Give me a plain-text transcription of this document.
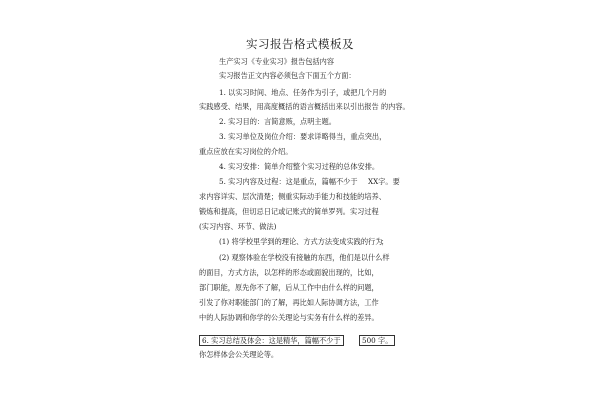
实习报告格式模板及
生产实习《专业实习》报告包括内容
实习报告正文内容必须包含下面五个方面：
1. 以实习时间、地点、任务作为引子，或把几个月的
实践感受、结果，用高度概括的语言概括出来以引出报告 的内容。
2. 实习目的：言简意赅，点明主题。
3. 实习单位及岗位介绍：要求详略得当，重点突出，
重点应放在实习岗位的介绍。
4. 实习安排：简单介绍整个实习过程的总体安排。
5. 实习内容及过程：这是重点，篇幅不少于 XX字。要
求内容详实、层次清楚；侧重实际动手能力和技能的培养、
锻炼和提高，但切忌日记或记账式的简单罗列。实习过程
(实习内容、环节、做法)
(1) 将学校里学到的理论、方式方法变成实践的行为
；
(2) 观察体验在学校没有接触的东西，他们是以什么样
的面目，方式方法，以怎样的形态或面貌出现的，比如，
部门职能，原先你不了解，后从工作中由什么样的问题，
引发了你对职能部门的了解，再比如人际协调方法，工作
中的人际协调和你学的公关理论与实务有什么样的差异。
6. 实习总结及体会：这是精华，篇幅不少于	500 字。
你怎样体会公关理论等。
